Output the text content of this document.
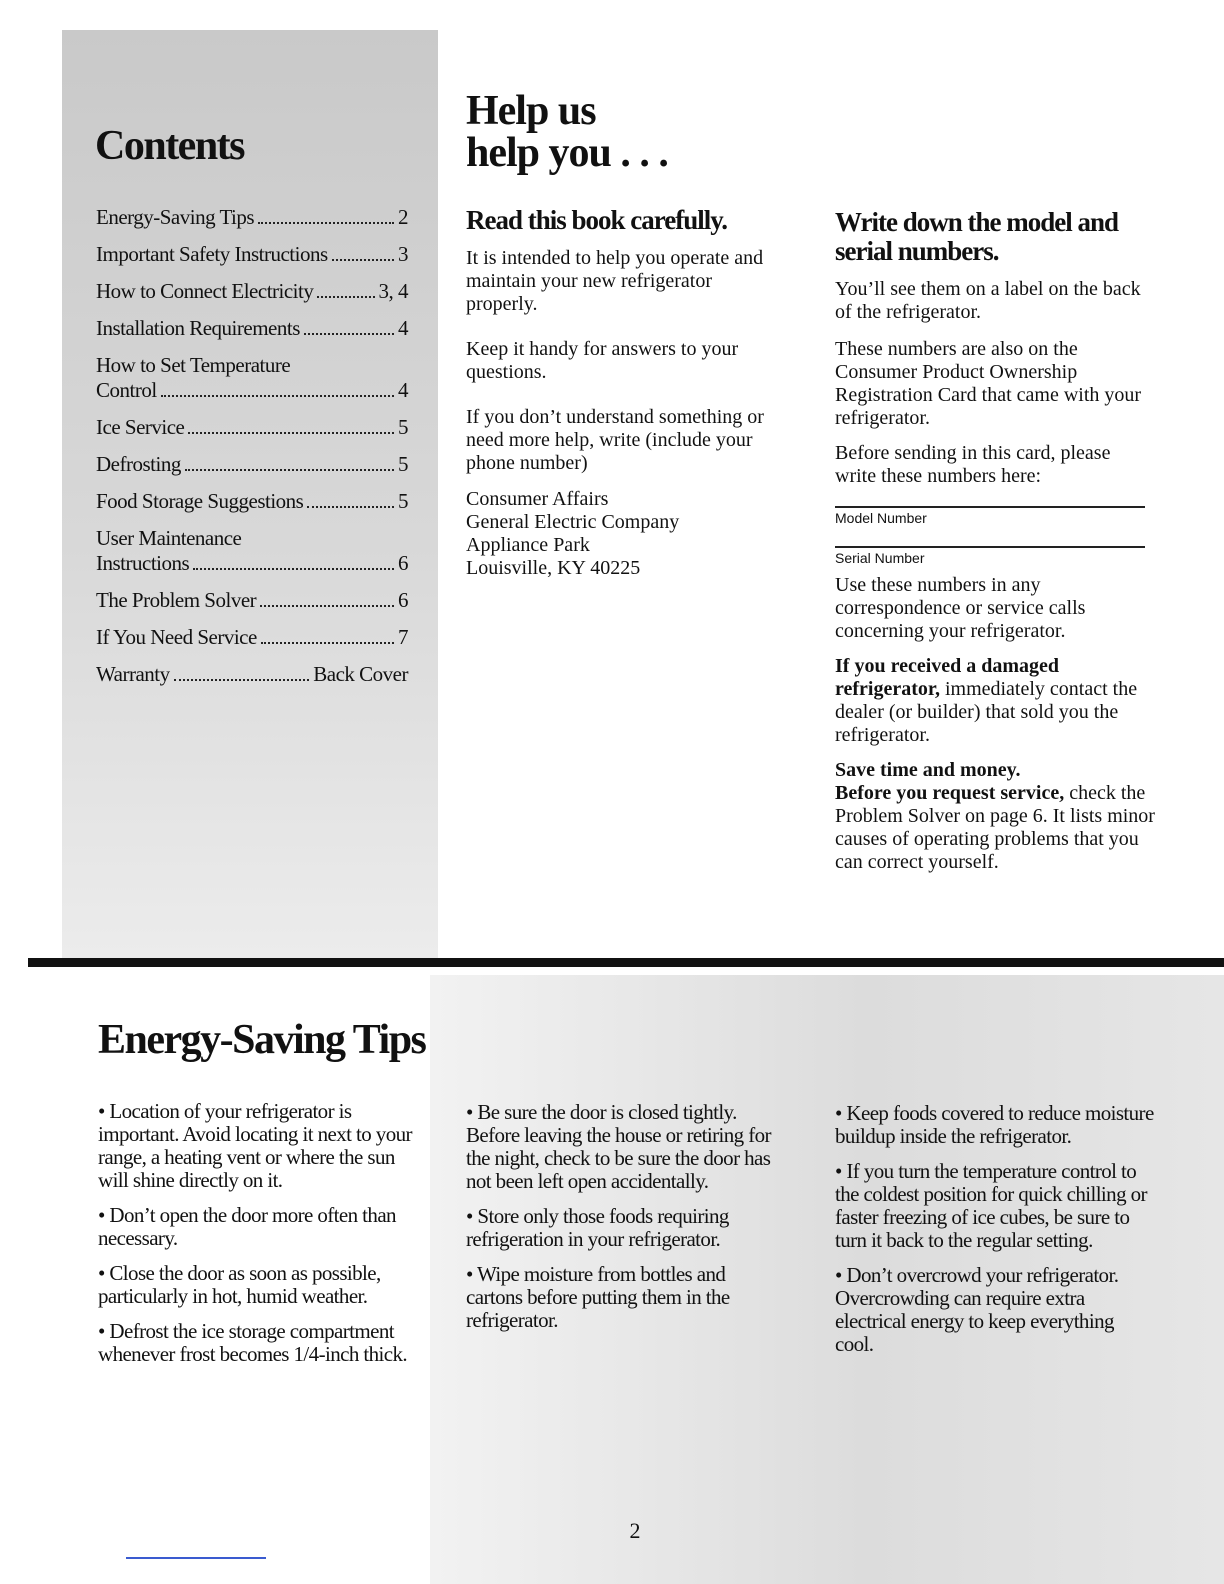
Contents
Energy-Saving Tips	2
Important Safety Instructions	3
How to Connect Electricity	3, 4
Installation Requirements	4
How to Set Temperature
Control	4
Ice Service	5
Defrosting	5
Food Storage Suggestions	5
User Maintenance
Instructions	6
The Problem Solver	6
If You Need Service	7
Warranty	Back Cover
Help us
help you . . .
Read this book carefully.

It is intended to help you operate and maintain your new refrigerator properly.

Keep it handy for answers to your questions.

If you don’t understand something or need more help, write (include your phone number)

Consumer Affairs
General Electric Company
Appliance Park
Louisville, KY 40225
Write down the model and serial numbers.

You’ll see them on a label on the back of the refrigerator.

These numbers are also on the Consumer Product Ownership Registration Card that came with your refrigerator.

Before sending in this card, please write these numbers here:

Model Number

Serial Number

Use these numbers in any correspondence or service calls concerning your refrigerator.

If you received a damaged refrigerator, immediately contact the dealer (or builder) that sold you the refrigerator.

Save time and money.
Before you request service, check the Problem Solver on page 6. It lists minor causes of operating problems that you can correct yourself.

Energy-Saving Tips

• Location of your refrigerator is important. Avoid locating it next to your range, a heating vent or where the sun will shine directly on it.

• Don’t open the door more often than necessary.

• Close the door as soon as possible, particularly in hot, humid weather.

• Defrost the ice storage compartment whenever frost becomes 1/4-inch thick.

• Be sure the door is closed tightly. Before leaving the house or retiring for the night, check to be sure the door has not been left open accidentally.

• Store only those foods requiring refrigeration in your refrigerator.

• Wipe moisture from bottles and cartons before putting them in the refrigerator.

• Keep foods covered to reduce moisture buildup inside the refrigerator.

• If you turn the temperature control to the coldest position for quick chilling or faster freezing of ice cubes, be sure to turn it back to the regular setting.

• Don’t overcrowd your refrigerator. Overcrowding can require extra electrical energy to keep everything cool.

2
